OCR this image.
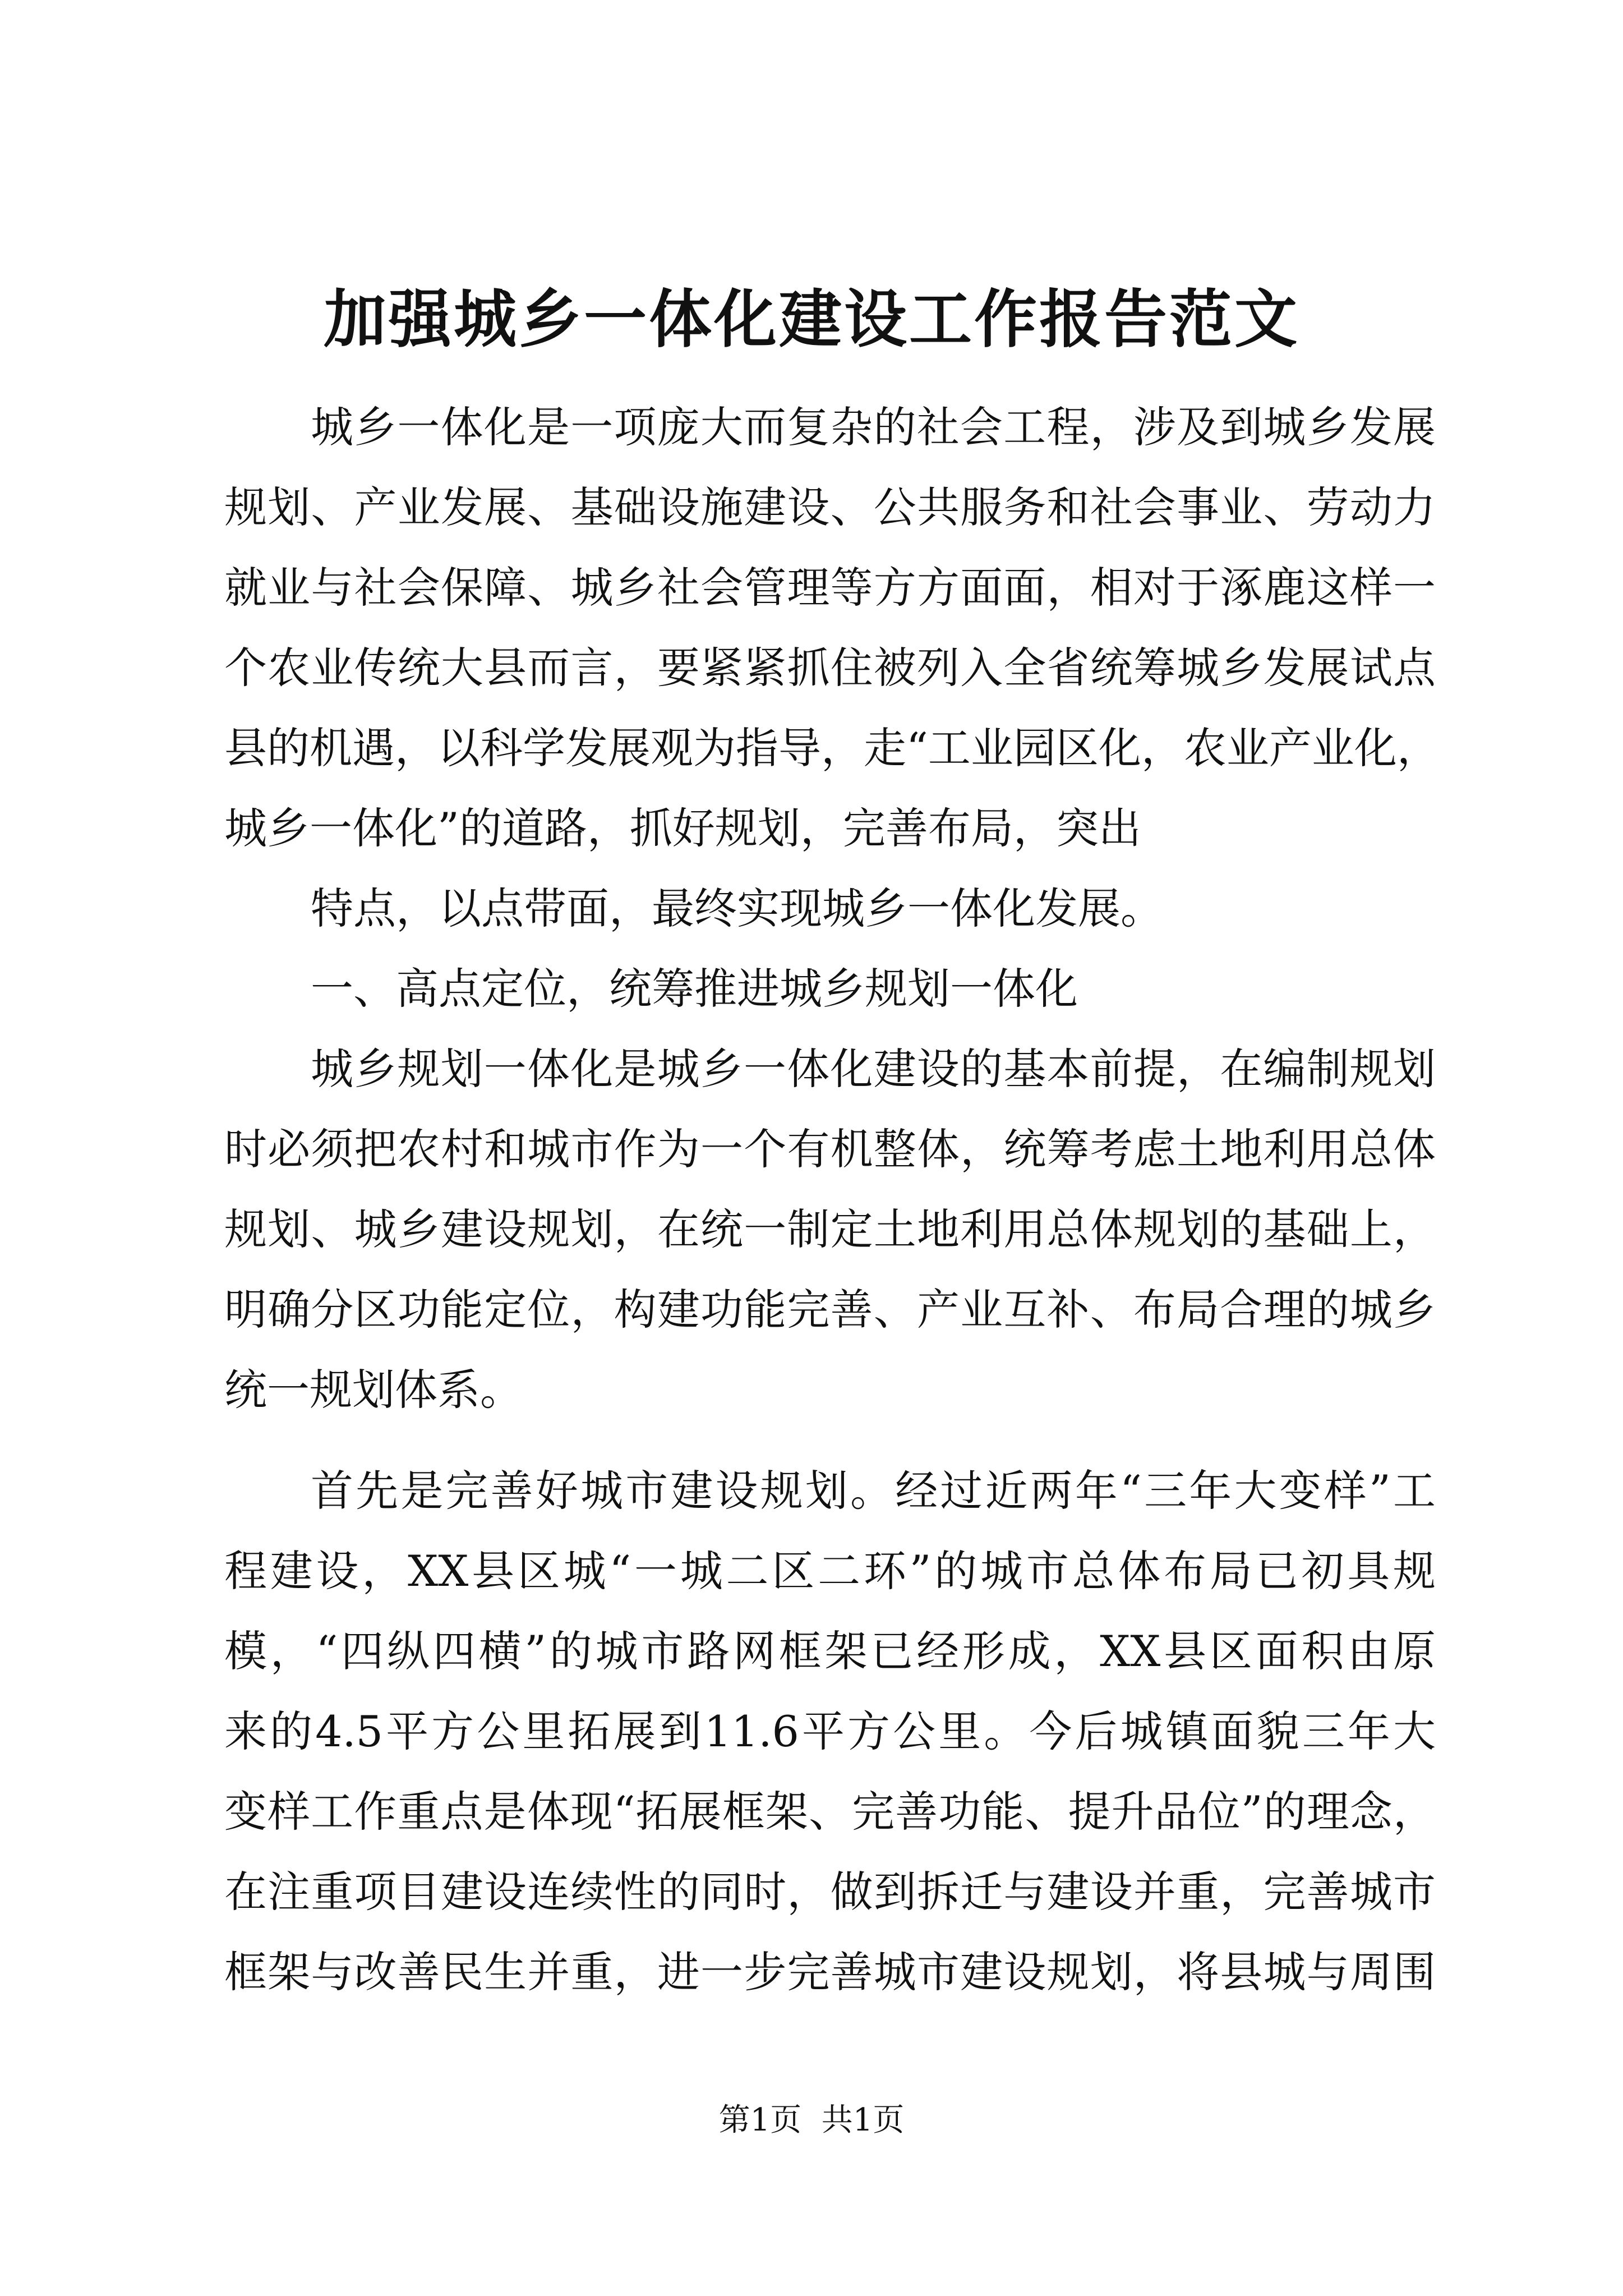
加强城乡一体化建设工作报告范文
城乡一体化是一项庞大而复杂的社会工程，涉及到城乡发展
规划、产业发展、基础设施建设、公共服务和社会事业、劳动力
就业与社会保障、城乡社会管理等方方面面，相对于涿鹿这样一
个农业传统大县而言，要紧紧抓住被列入全省统筹城乡发展试点
县的机遇，以科学发展观为指导，走“工业园区化，农业产业化，
城乡一体化”的道路，抓好规划，完善布局，突出
特点，以点带面，最终实现城乡一体化发展。
一、高点定位，统筹推进城乡规划一体化
城乡规划一体化是城乡一体化建设的基本前提，在编制规划
时必须把农村和城市作为一个有机整体，统筹考虑土地利用总体
规划、城乡建设规划，在统一制定土地利用总体规划的基础上，
明确分区功能定位，构建功能完善、产业互补、布局合理的城乡
统一规划体系。
首先是完善好城市建设规划。经过近两年“三年大变样”工
程建设，XX县区城“一城二区二环”的城市总体布局已初具规
模，“四纵四横”的城市路网框架已经形成，XX县区面积由原
来的4.5平方公里拓展到11.6平方公里。今后城镇面貌三年大
变样工作重点是体现“拓展框架、完善功能、提升品位”的理念，
在注重项目建设连续性的同时，做到拆迁与建设并重，完善城市
框架与改善民生并重，进一步完善城市建设规划，将县城与周围
第1页  共1页
